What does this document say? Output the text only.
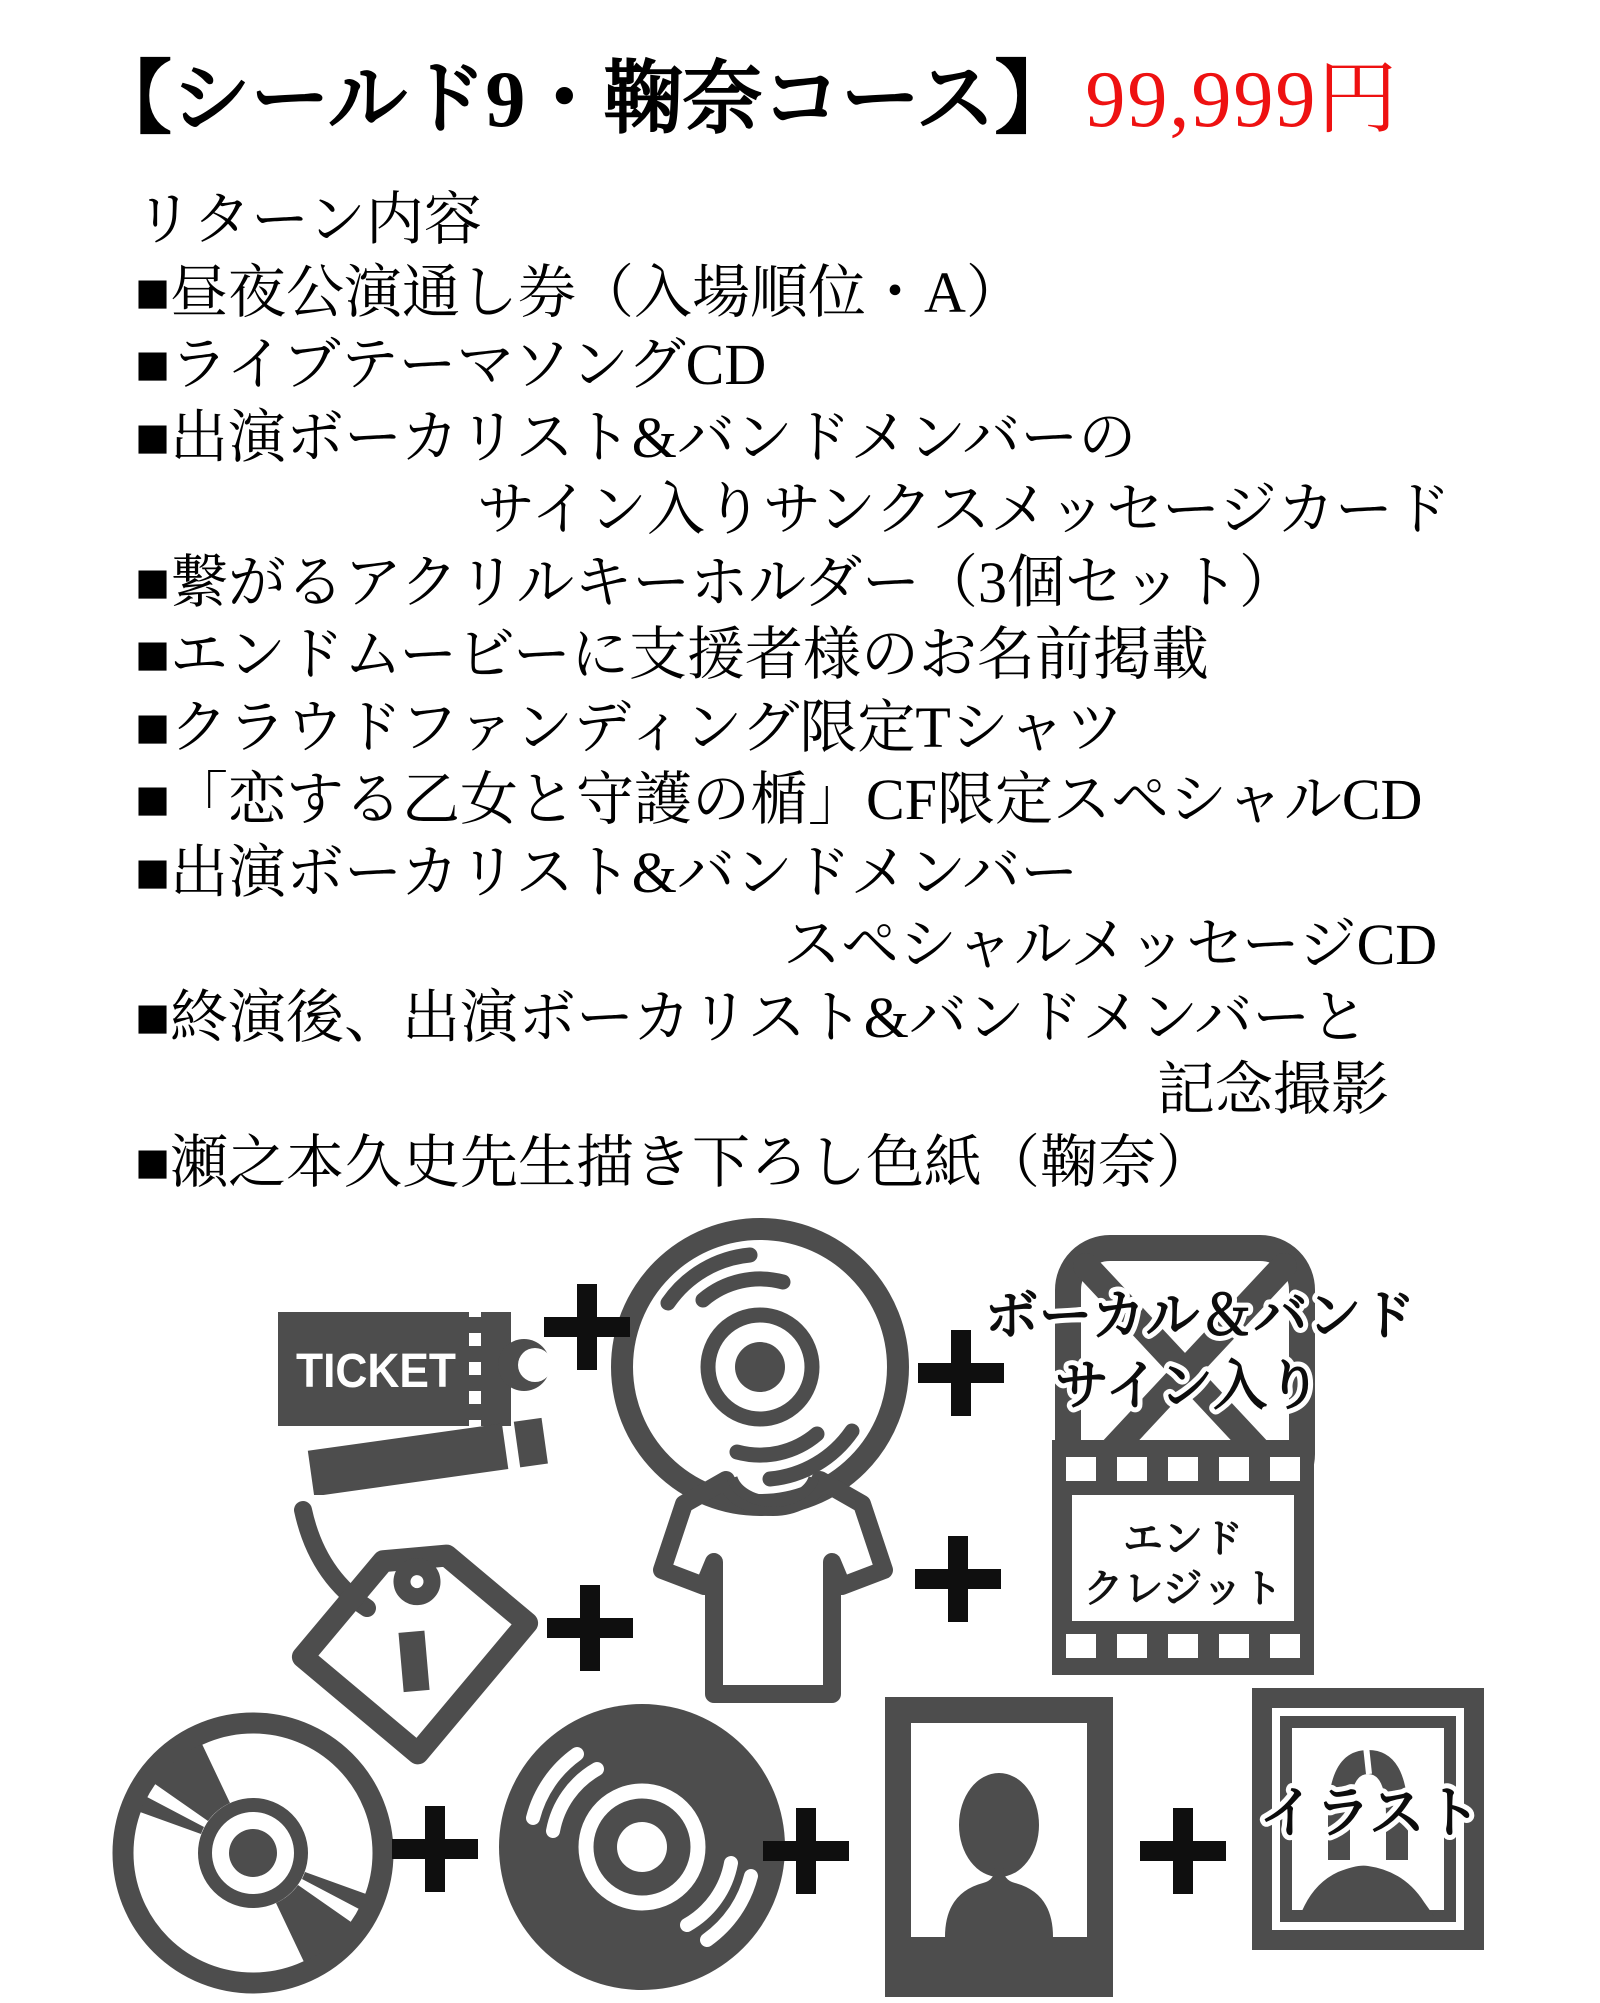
【シールド9・鞠奈コース】 99,999円
リターン内容
■昼夜公演通し券（入場順位・A）
■ライブテーマソングCD
■出演ボーカリスト&バンドメンバーの
サイン入りサンクスメッセージカード
■繋がるアクリルキーホルダー（3個セット）
■エンドムービーに支援者様のお名前掲載
■クラウドファンディング限定Tシャツ
■「恋する乙女と守護の楯」CF限定スペシャルCD
■出演ボーカリスト&バンドメンバー
スペシャルメッセージCD
■終演後、出演ボーカリスト&バンドメンバーと
記念撮影
■瀬之本久史先生描き下ろし色紙（鞠奈）
TICKET
ボーカル＆バンド
サイン入り
エンド
クレジット
イラスト
